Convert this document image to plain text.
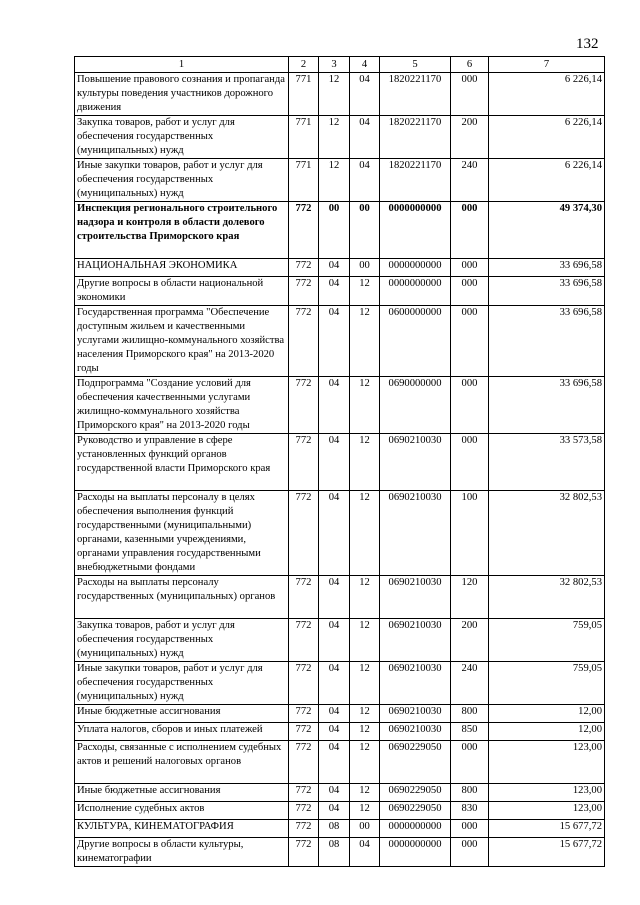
132
1	2	3	4	5	6	7
Повышение правового сознания и пропаганда культуры поведения участников дорожного движения	771	12	04	1820221170	000	6 226,14
Закупка товаров, работ и услуг для обеспечения государственных (муниципальных) нужд	771	12	04	1820221170	200	6 226,14
Иные закупки товаров, работ и услуг для обеспечения государственных (муниципальных) нужд	771	12	04	1820221170	240	6 226,14
Инспекция регионального строительного надзора и контроля в области долевого строительства Приморского края	772	00	00	0000000000	000	49 374,30
НАЦИОНАЛЬНАЯ ЭКОНОМИКА	772	04	00	0000000000	000	33 696,58
Другие вопросы в области национальной экономики	772	04	12	0000000000	000	33 696,58
Государственная программа "Обеспечение доступным жильем и качественными услугами жилищно-коммунального хозяйства населения Приморского края" на 2013-2020 годы	772	04	12	0600000000	000	33 696,58
Подпрограмма "Создание условий для обеспечения качественными услугами жилищно-коммунального хозяйства Приморского края" на 2013-2020 годы	772	04	12	0690000000	000	33 696,58
Руководство и управление в сфере установленных функций органов государственной власти Приморского края	772	04	12	0690210030	000	33 573,58
Расходы на выплаты персоналу в целях обеспечения выполнения функций государственными (муниципальными) органами, казенными учреждениями, органами управления государственными внебюджетными фондами	772	04	12	0690210030	100	32 802,53
Расходы на выплаты персоналу государственных (муниципальных) органов	772	04	12	0690210030	120	32 802,53
Закупка товаров, работ и услуг для обеспечения государственных (муниципальных) нужд	772	04	12	0690210030	200	759,05
Иные закупки товаров, работ и услуг для обеспечения государственных (муниципальных) нужд	772	04	12	0690210030	240	759,05
Иные бюджетные ассигнования	772	04	12	0690210030	800	12,00
Уплата налогов, сборов и иных платежей	772	04	12	0690210030	850	12,00
Расходы, связанные с исполнением судебных актов и решений налоговых органов	772	04	12	0690229050	000	123,00
Иные бюджетные ассигнования	772	04	12	0690229050	800	123,00
Исполнение судебных актов	772	04	12	0690229050	830	123,00
КУЛЬТУРА, КИНЕМАТОГРАФИЯ	772	08	00	0000000000	000	15 677,72
Другие вопросы в области культуры, кинематографии	772	08	04	0000000000	000	15 677,72
